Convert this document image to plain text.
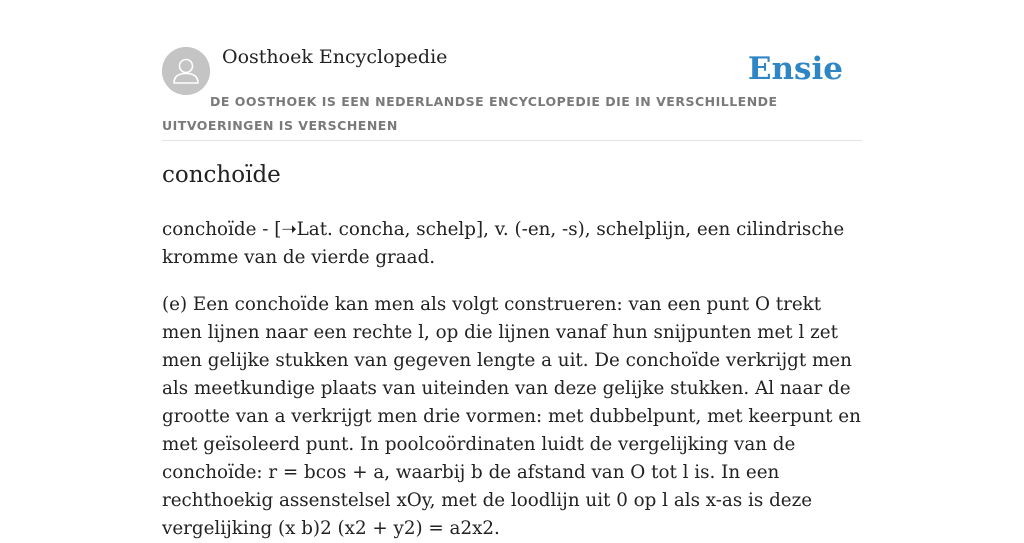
Oosthoek Encyclopedie	Ensie
DE OOSTHOEK IS EEN NEDERLANDSE ENCYCLOPEDIE DIE IN VERSCHILLENDE UITVOERINGEN IS VERSCHENEN
conchoïde

conchoïde - [➝Lat. concha, schelp], v. (-en, -s), schelplijn, een cilindrische kromme van de vierde graad.

(e) Een conchoïde kan men als volgt construeren: van een punt O trekt men lijnen naar een rechte l, op die lijnen vanaf hun snijpunten met l zet men gelijke stukken van gegeven lengte a uit. De conchoïde verkrijgt men als meetkundige plaats van uiteinden van deze gelijke stukken. Al naar de grootte van a verkrijgt men drie vormen: met dubbelpunt, met keerpunt en met geïsoleerd punt. In poolcoördinaten luidt de vergelijking van de conchoïde: r = bcos + a, waarbij b de afstand van O tot l is. In een rechthoekig assenstelsel xOy, met de loodlijn uit 0 op l als x-as is deze vergelijking (x b)2 (x2 + y2) = a2x2.
